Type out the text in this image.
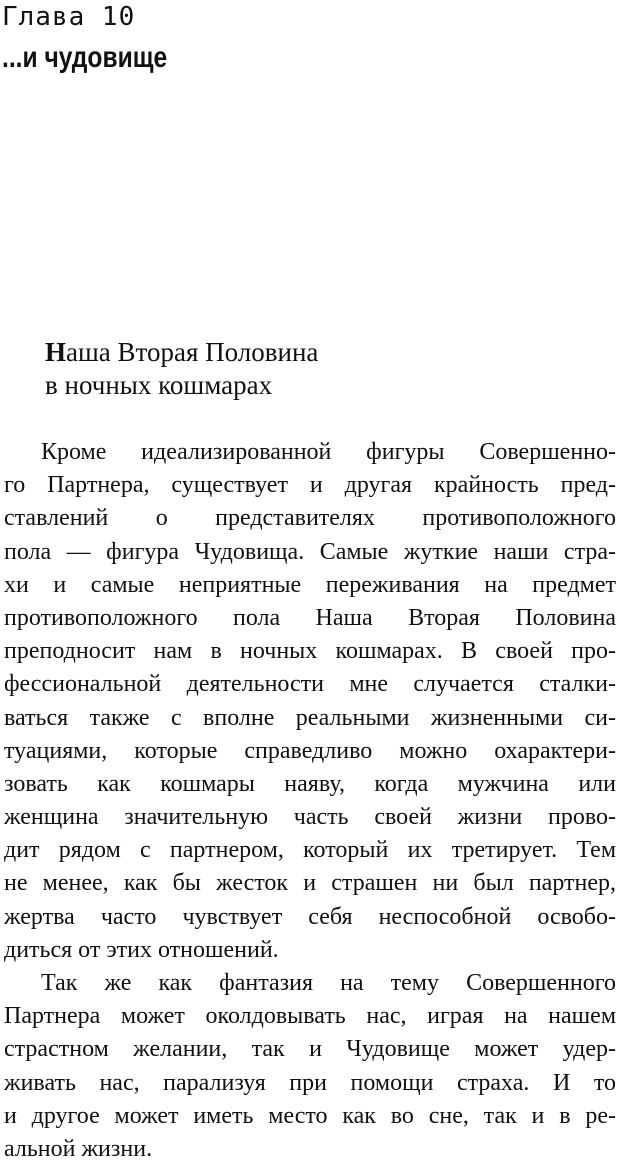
Глава 10
...и чудовище
Наша Вторая Половина
в ночных кошмарах
Кроме идеализированной фигуры Совершенно-
го Партнера, существует и другая крайность пред-
ставлений о представителях противоположного
пола — фигура Чудовища. Самые жуткие наши стра-
хи и самые неприятные переживания на предмет
противоположного пола Наша Вторая Половина
преподносит нам в ночных кошмарах. В своей про-
фессиональной деятельности мне случается сталки-
ваться также с вполне реальными жизненными си-
туациями, которые справедливо можно охарактери-
зовать как кошмары наяву, когда мужчина или
женщина значительную часть своей жизни прово-
дит рядом с партнером, который их третирует. Тем
не менее, как бы жесток и страшен ни был партнер,
жертва часто чувствует себя неспособной освобо-
диться от этих отношений.
Так же как фантазия на тему Совершенного
Партнера может околдовывать нас, играя на нашем
страстном желании, так и Чудовище может удер-
живать нас, парализуя при помощи страха. И то
и другое может иметь место как во сне, так и в ре-
альной жизни.
